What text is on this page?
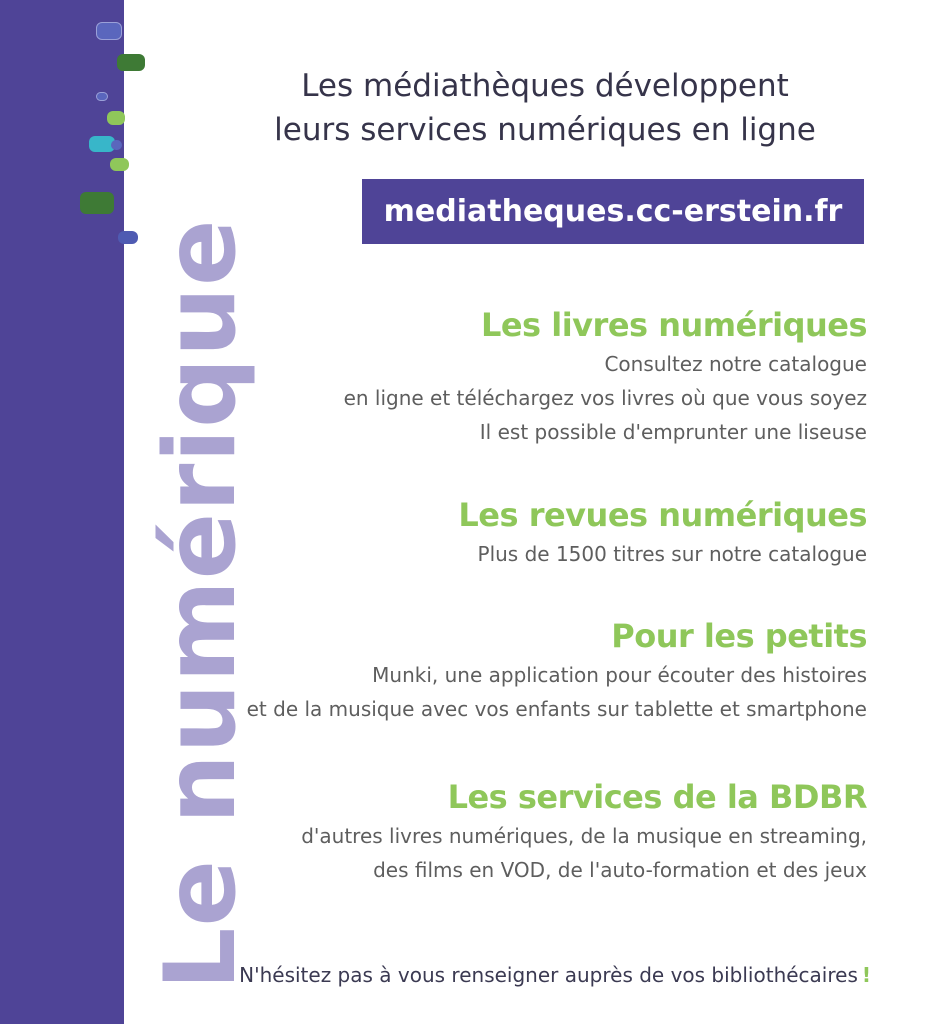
Le numérique
Les médiathèques développent
leurs services numériques en ligne
mediatheques.cc-erstein.fr
Les livres numériques
Consultez notre catalogue
en ligne et téléchargez vos livres où que vous soyez
Il est possible d'emprunter une liseuse
Les revues numériques
Plus de 1500 titres sur notre catalogue
Pour les petits
Munki, une application pour écouter des histoires
et de la musique avec vos enfants sur tablette et smartphone
Les services de la BDBR
d'autres livres numériques, de la musique en streaming,
des films en VOD, de l'auto-formation et des jeux
N'hésitez pas à vous renseigner auprès de vos bibliothécaires !
